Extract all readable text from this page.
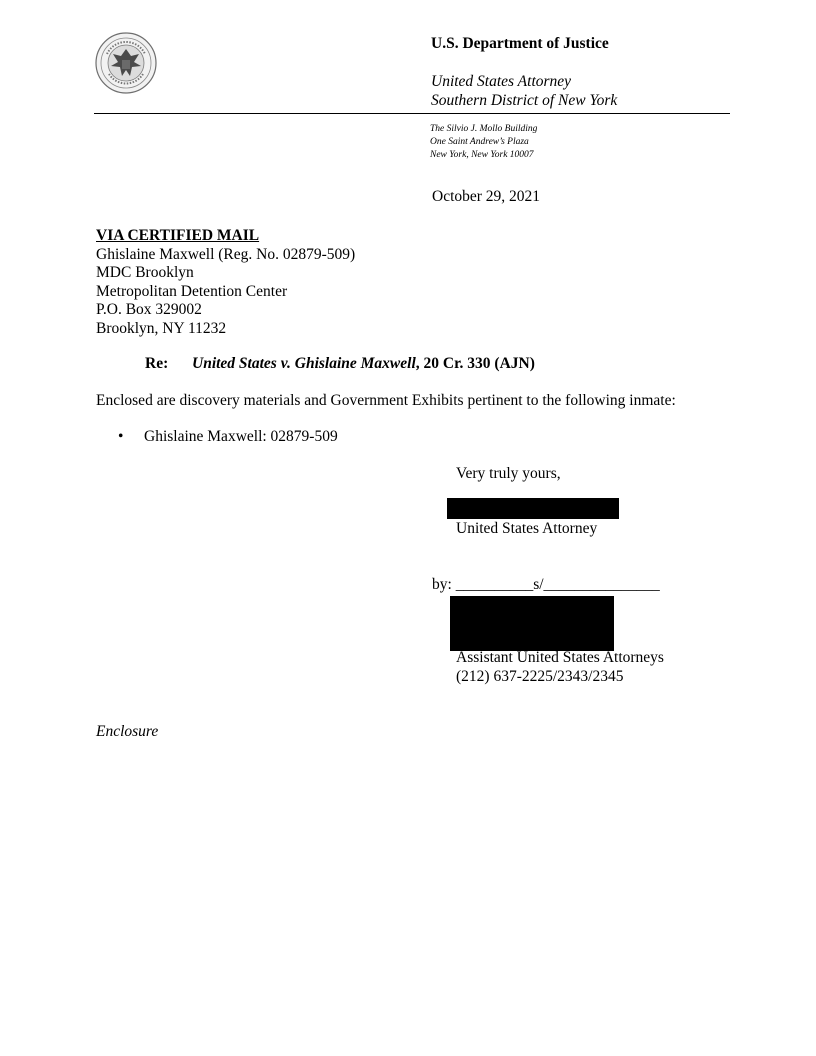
U.S. Department of Justice
United States Attorney
Southern District of New York
The Silvio J. Mollo Building
One Saint Andrew’s Plaza
New York, New York 10007
October 29, 2021
VIA CERTIFIED MAIL
Ghislaine Maxwell (Reg. No. 02879-509)
MDC Brooklyn
Metropolitan Detention Center
P.O. Box 329002
Brooklyn, NY 11232
Re: United States v. Ghislaine Maxwell, 20 Cr. 330 (AJN)
Enclosed are discovery materials and Government Exhibits pertinent to the following inmate:
• Ghislaine Maxwell: 02879-509
Very truly yours,
United States Attorney
by: __________s/_______________
Assistant United States Attorneys
(212) 637-2225/2343/2345
Enclosure
